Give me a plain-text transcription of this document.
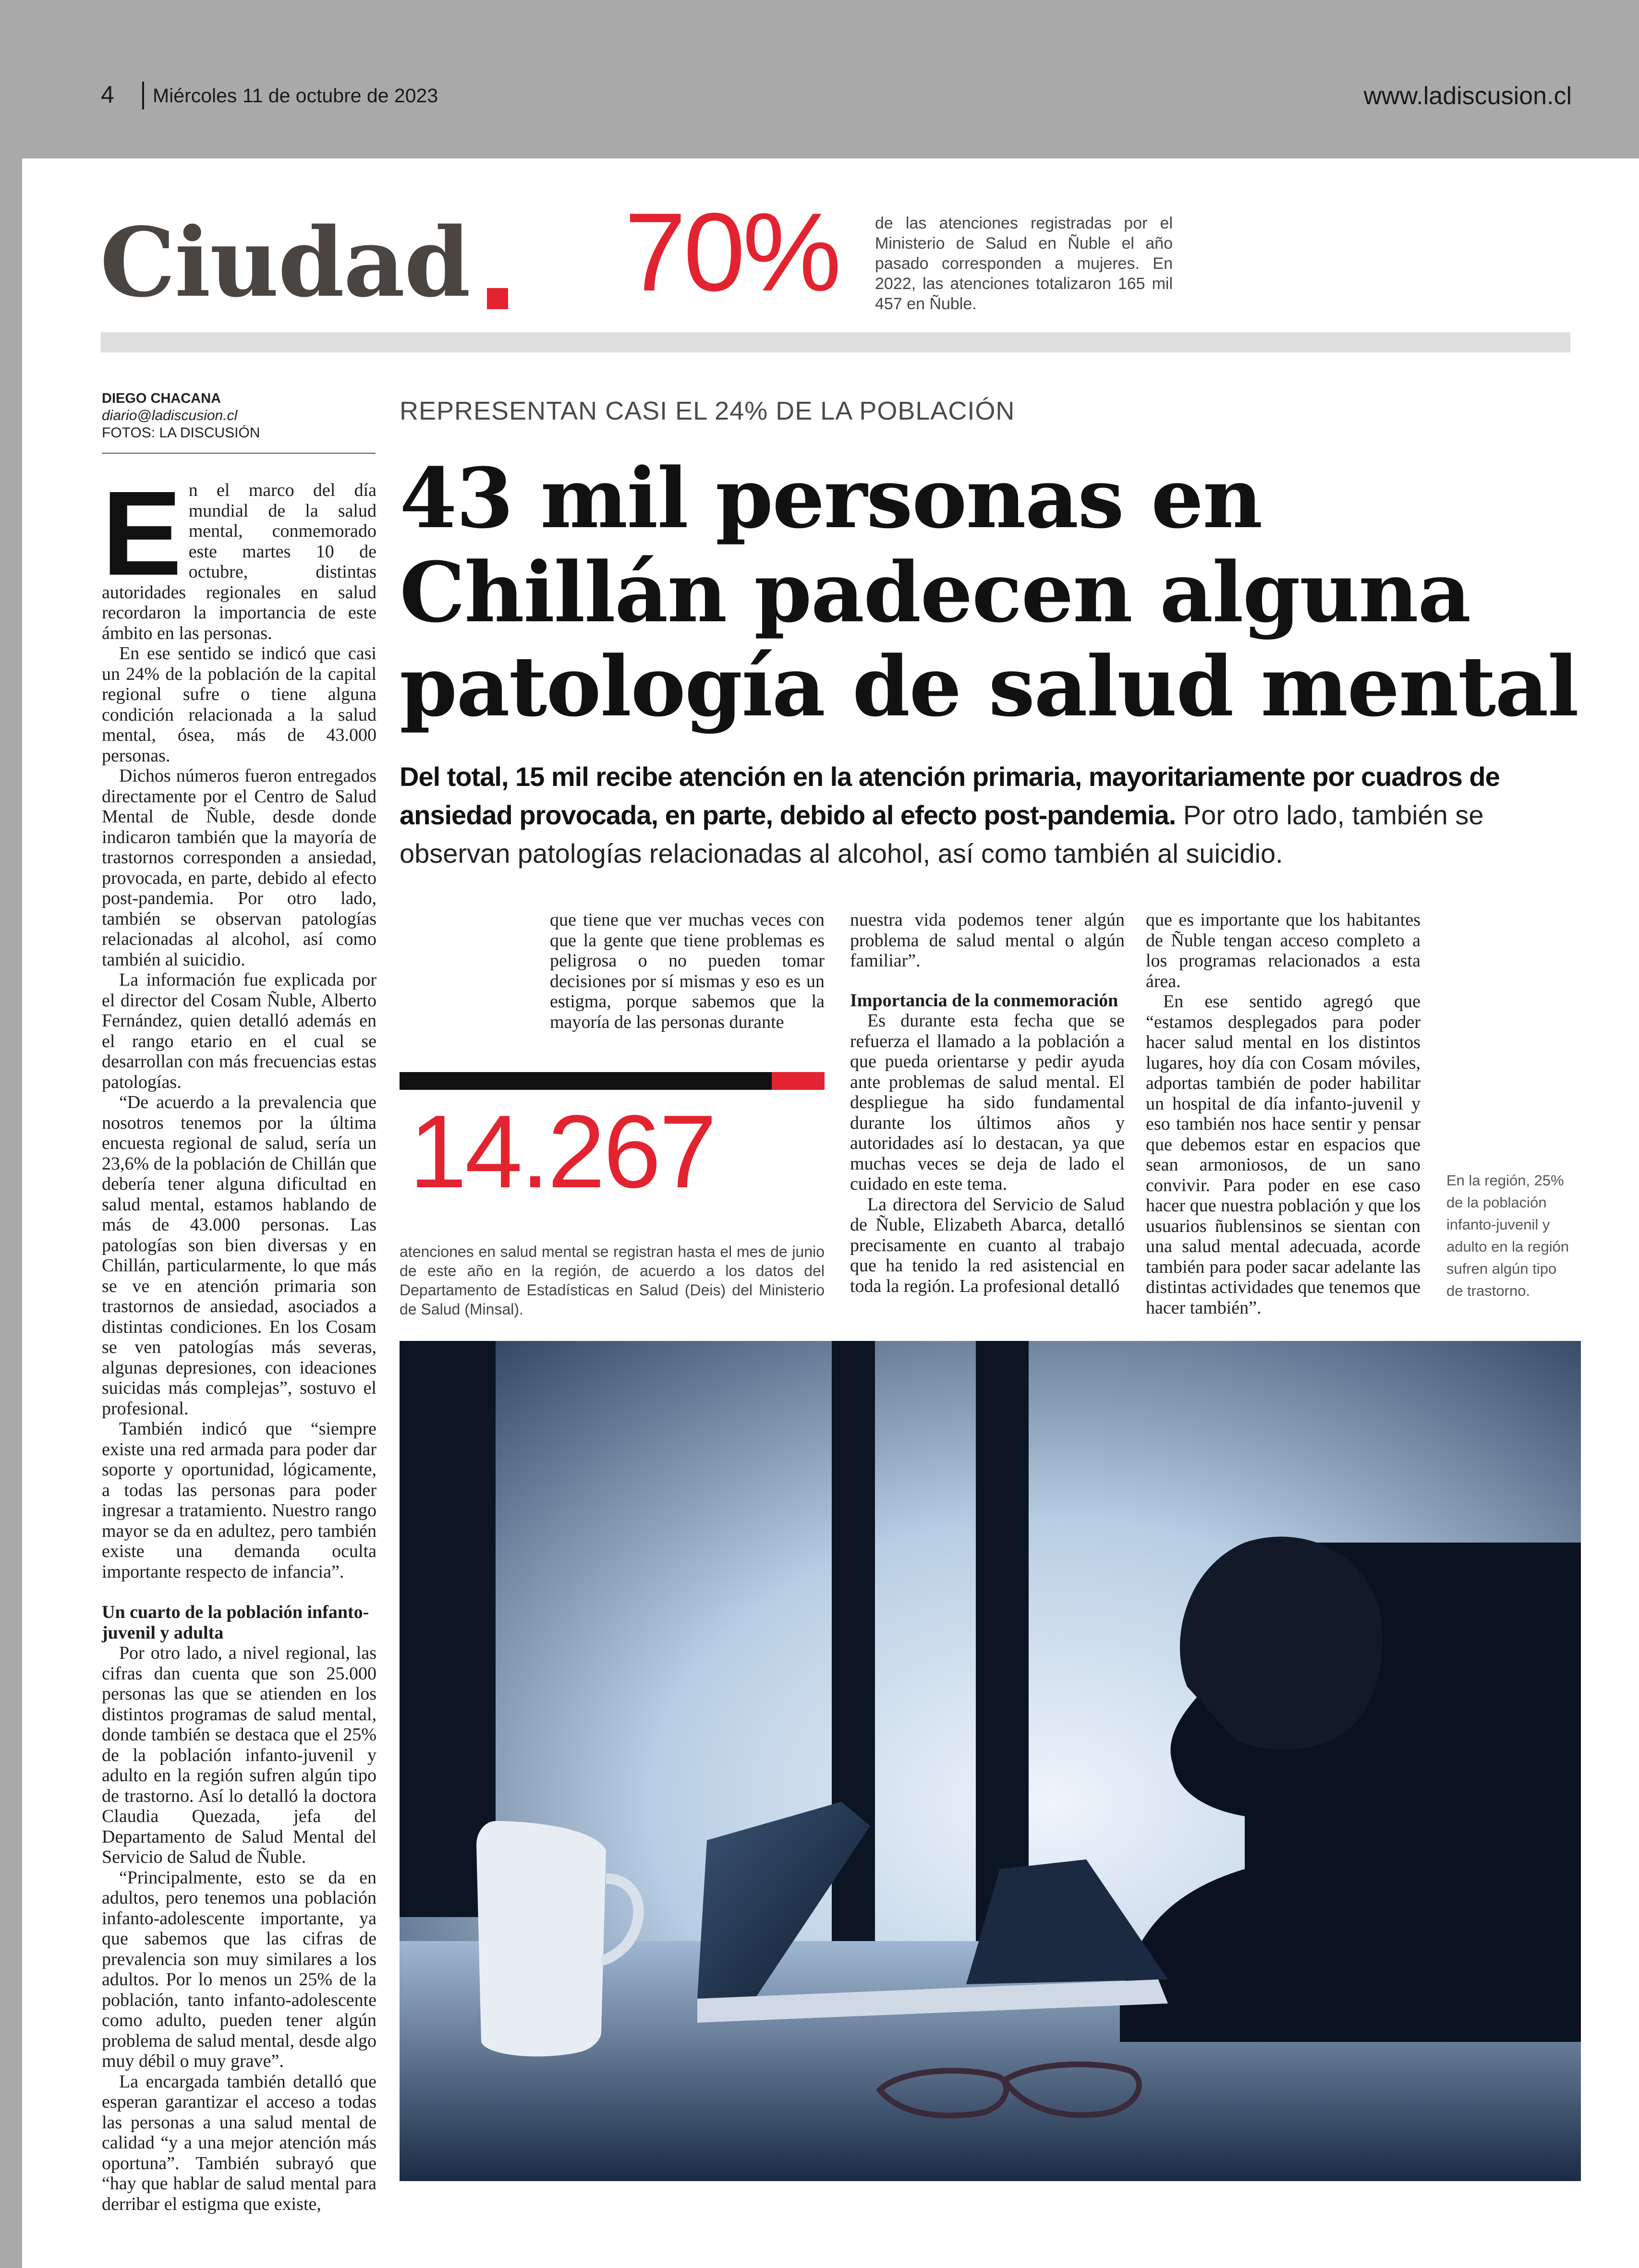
4 Miércoles 11 de octubre de 2023	www.ladiscusion.cl
Ciudad 70% de las atenciones registradas por el Ministerio de Salud en Ñuble el año pasado corresponden a mujeres. En 2022, las atenciones totalizaron 165 mil 457 en Ñuble.
DIEGO CHACANA
diario@ladiscusion.cl
FOTOS: LA DISCUSIÓN
REPRESENTAN CASI EL 24% DE LA POBLACIÓN
43 mil personas en Chillán padecen alguna patología de salud mental
Del total, 15 mil recibe atención en la atención primaria, mayoritariamente por cuadros de ansiedad provocada, en parte, debido al efecto post-pandemia. Por otro lado, también se observan patologías relacionadas al alcohol, así como también al suicidio.

En el marco del día mundial de la salud mental, conmemorado este martes 10 de octubre, distintas autoridades regionales en salud recordaron la importancia de este ámbito en las personas.

En ese sentido se indicó que casi un 24% de la población de la capital regional sufre o tiene alguna condición relacionada a la salud mental, ósea, más de 43.000 personas.

Dichos números fueron entregados directamente por el Centro de Salud Mental de Ñuble, desde donde indicaron también que la mayoría de trastornos corresponden a ansiedad, provocada, en parte, debido al efecto post-pandemia. Por otro lado, también se observan patologías relacionadas al alcohol, así como también al suicidio.

La información fue explicada por el director del Cosam Ñuble, Alberto Fernández, quien detalló además en el rango etario en el cual se desarrollan con más frecuencias estas patologías.

“De acuerdo a la prevalencia que nosotros tenemos por la última encuesta regional de salud, sería un 23,6% de la población de Chillán que debería tener alguna dificultad en salud mental, estamos hablando de más de 43.000 personas. Las patologías son bien diversas y en Chillán, particularmente, lo que más se ve en atención primaria son trastornos de ansiedad, asociados a distintas condiciones. En los Cosam se ven patologías más severas, algunas depresiones, con ideaciones suicidas más complejas”, sostuvo el profesional.

También indicó que “siempre existe una red armada para poder dar soporte y oportunidad, lógicamente, a todas las personas para poder ingresar a tratamiento. Nuestro rango mayor se da en adultez, pero también existe una demanda oculta importante respecto de infancia”.

Un cuarto de la población infanto-juvenil y adulta

Por otro lado, a nivel regional, las cifras dan cuenta que son 25.000 personas las que se atienden en los distintos programas de salud mental, donde también se destaca que el 25% de la población infanto-juvenil y adulto en la región sufren algún tipo de trastorno. Así lo detalló la doctora Claudia Quezada, jefa del Departamento de Salud Mental del Servicio de Salud de Ñuble.

“Principalmente, esto se da en adultos, pero tenemos una población infanto-adolescente importante, ya que sabemos que las cifras de prevalencia son muy similares a los adultos. Por lo menos un 25% de la población, tanto infanto-adolescente como adulto, pueden tener algún problema de salud mental, desde algo muy débil o muy grave”.

La encargada también detalló que esperan garantizar el acceso a todas las personas a una salud mental de calidad “y a una mejor atención más oportuna”. También subrayó que “hay que hablar de salud mental para derribar el estigma que existe,

que tiene que ver muchas veces con que la gente que tiene problemas es peligrosa o no pueden tomar decisiones por sí mismas y eso es un estigma, porque sabemos que la mayoría de las personas durante

14.267
atenciones en salud mental se registran hasta el mes de junio de este año en la región, de acuerdo a los datos del Departamento de Estadísticas en Salud (Deis) del Ministerio de Salud (Minsal).

nuestra vida podemos tener algún problema de salud mental o algún familiar”.

Importancia de la conmemoración

Es durante esta fecha que se refuerza el llamado a la población a que pueda orientarse y pedir ayuda ante problemas de salud mental. El despliegue ha sido fundamental durante los últimos años y autoridades así lo destacan, ya que muchas veces se deja de lado el cuidado en este tema.

La directora del Servicio de Salud de Ñuble, Elizabeth Abarca, detalló precisamente en cuanto al trabajo que ha tenido la red asistencial en toda la región. La profesional detalló

que es importante que los habitantes de Ñuble tengan acceso completo a los programas relacionados a esta área.

En ese sentido agregó que “estamos desplegados para poder hacer salud mental en los distintos lugares, hoy día con Cosam móviles, adportas también de poder habilitar un hospital de día infanto-juvenil y eso también nos hace sentir y pensar que debemos estar en espacios que sean armoniosos, de un sano convivir. Para poder en ese caso hacer que nuestra población y que los usuarios ñublensinos se sientan con una salud mental adecuada, acorde también para poder sacar adelante las distintas actividades que tenemos que hacer también”.

En la región, 25% de la población infanto-juvenil y adulto en la región sufren algún tipo de trastorno.
